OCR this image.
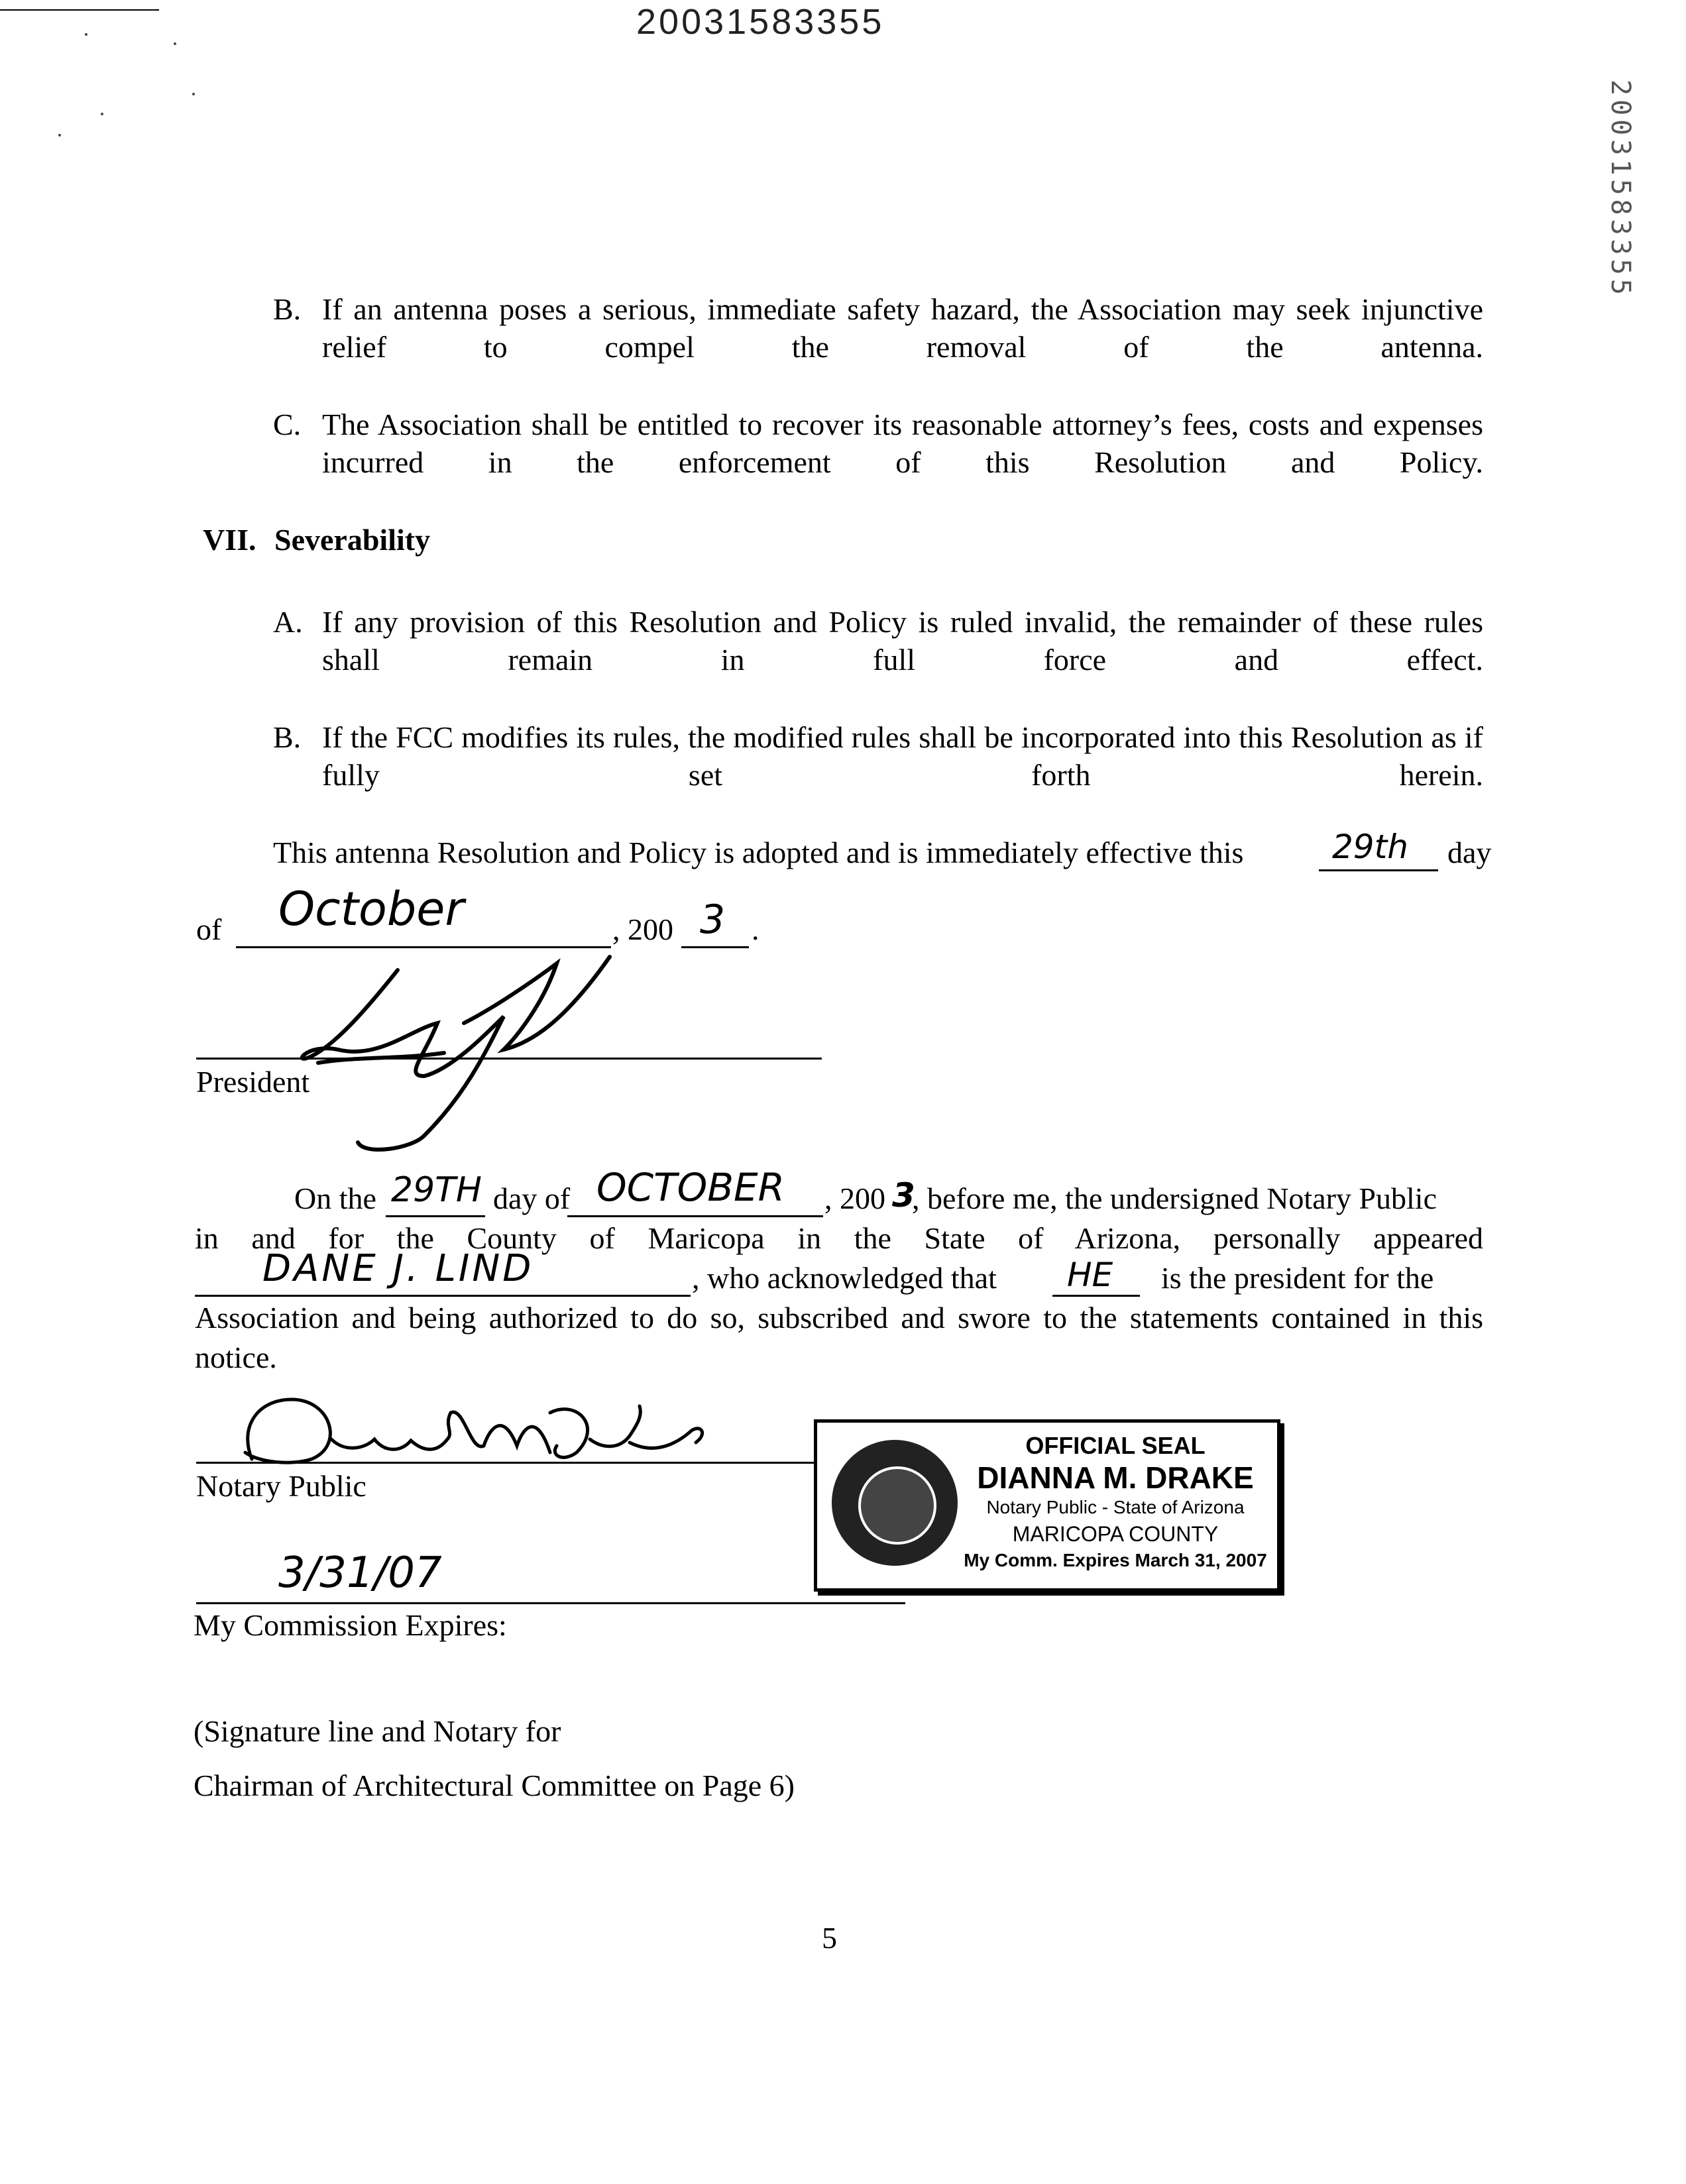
20031583355
20031583355
B. If an antenna poses a serious, immediate safety hazard, the Association may seek injunctive relief to compel the removal of the antenna.
C. The Association shall be entitled to recover its reasonable attorney’s fees, costs and expenses incurred in the enforcement of this Resolution and Policy.
VII. Severability
A. If any provision of this Resolution and Policy is ruled invalid, the remainder of these rules shall remain in full force and effect.
B. If the FCC modifies its rules, the modified rules shall be incorporated into this Resolution as if fully set forth herein.
This antenna Resolution and Policy is adopted and is immediately effective this	29th day
of October	, 200 3 .
President
On the 29TH day of OCTOBER , 200 3
, before me, the undersigned Notary Public
in and for the County of Maricopa in the State of Arizona, personally appeared
DANE J. LIND	, who acknowledged that HE is the president for the
Association and being authorized to do so, subscribed and swore to the statements contained in this
notice.
Notary Public
OFFICIAL SEAL
DIANNA M. DRAKE
Notary Public - State of Arizona
MARICOPA COUNTY
My Comm. Expires March 31, 2007
3/31/07
My Commission Expires:
(Signature line and Notary for
Chairman of Architectural Committee on Page 6)
5
